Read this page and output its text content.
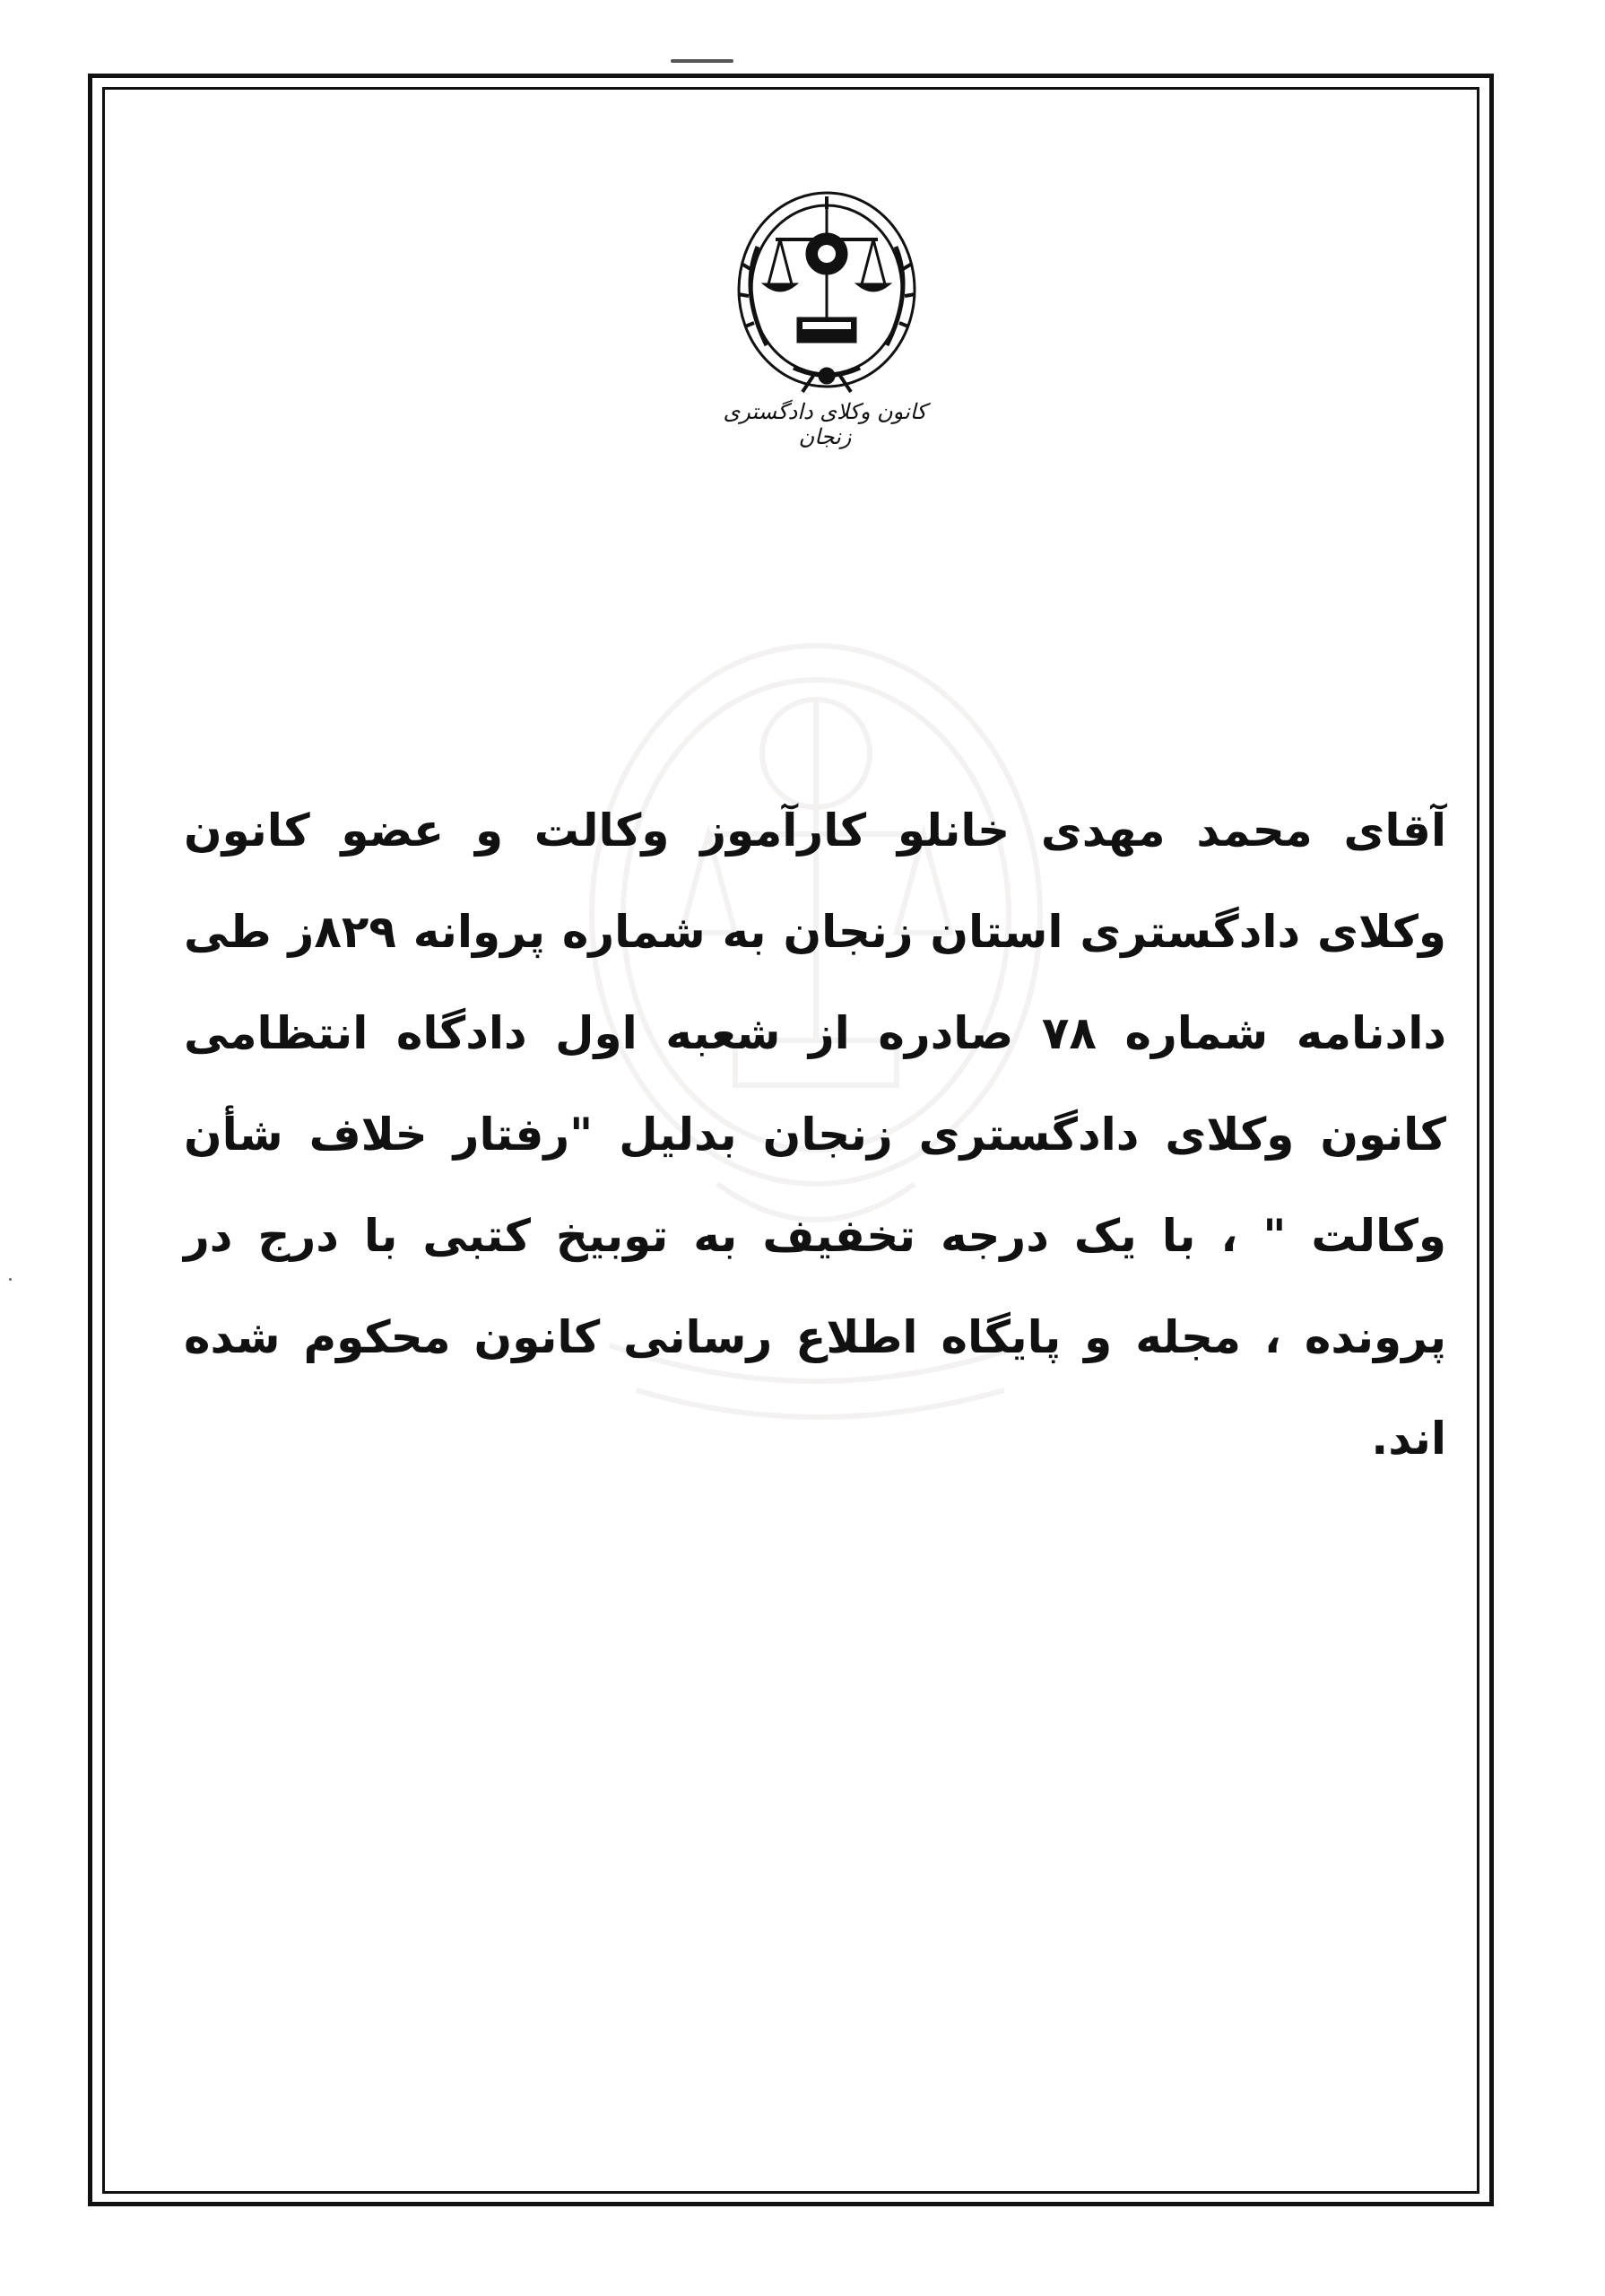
کانون وکلای دادگستری زنجان

آقای محمد مهدی خانلو کارآموز وکالت و عضو کانون وکلای دادگستری استان زنجان به شماره پروانه ۸۲۹ز طی دادنامه شماره ۷۸ صادره از شعبه اول دادگاه انتظامی کانون وکلای دادگستری زنجان بدلیل "رفتار خلاف شأن وکالت " ، با یک درجه تخفیف به توبیخ کتبی با درج در پرونده ، مجله و پایگاه اطلاع رسانی کانون محکوم شده اند.
